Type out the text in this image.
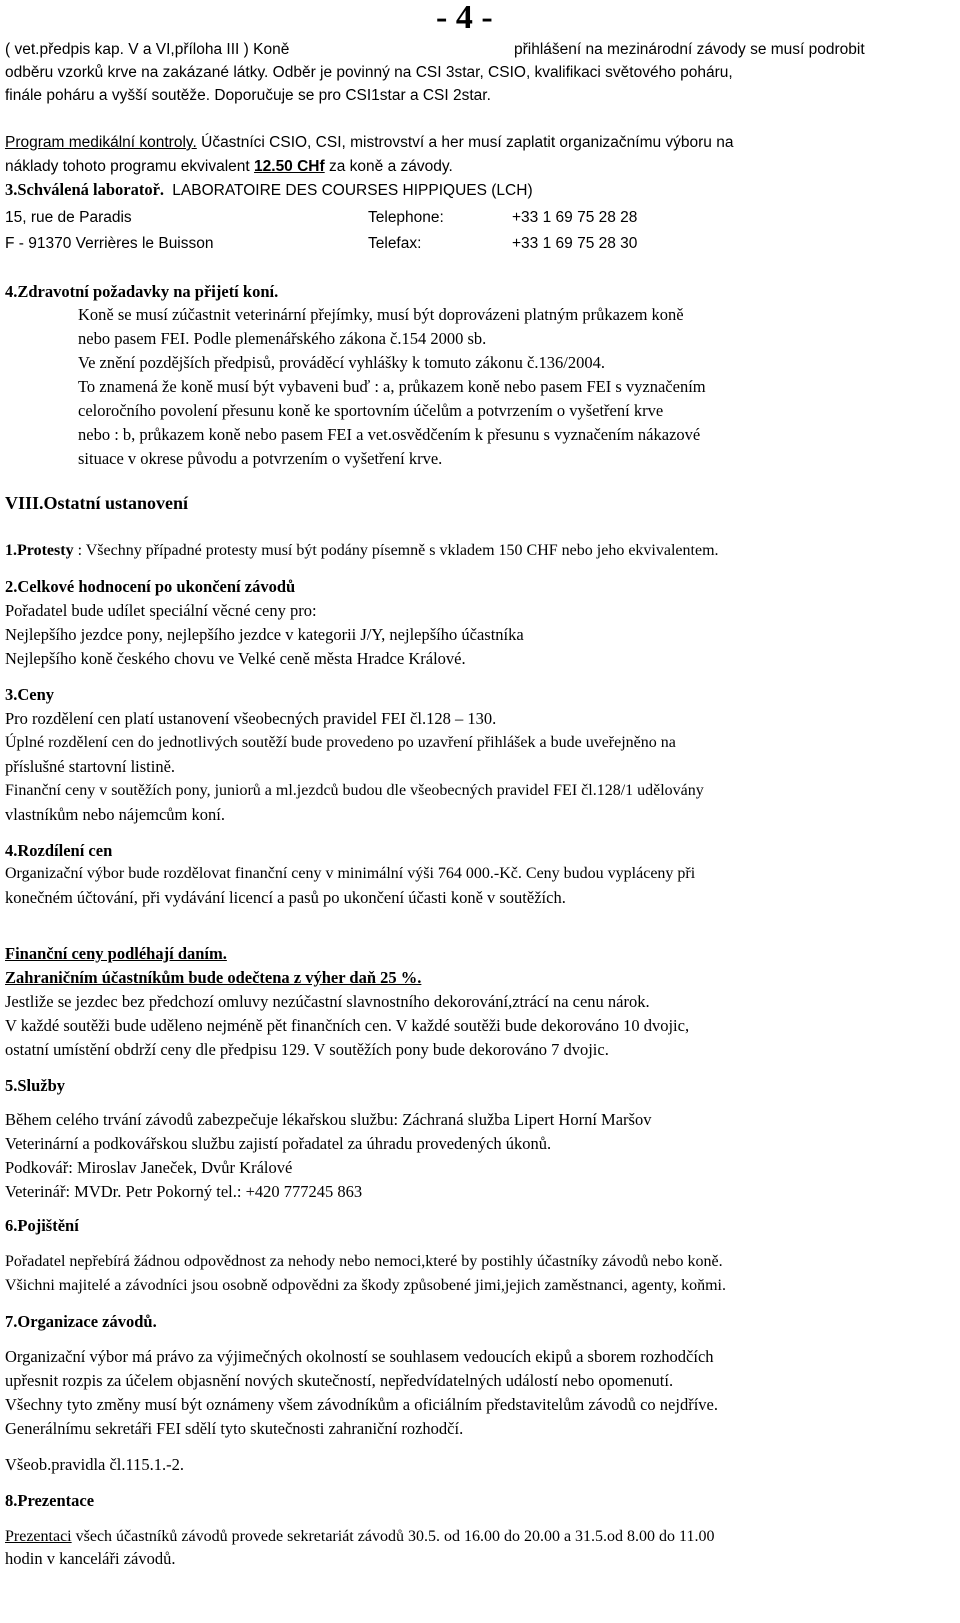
- 4 -
( vet.předpis kap. V a VI,příloha III ) Koně	přihlášení na mezinárodní závody se musí podrobit
odběru vzorků krve na zakázané látky. Odběr je povinný na CSI 3star, CSIO, kvalifikaci světového poháru,
finále poháru a vyšší soutěže. Doporučuje se pro CSI1star a CSI 2star.
Program medikální kontroly. Účastníci CSIO, CSI, mistrovství a her musí zaplatit organizačnímu výboru na
náklady tohoto programu ekvivalent 12.50 CHf za koně a závody.
3.Schválená laboratoř. LABORATOIRE DES COURSES HIPPIQUES (LCH)
15, rue de Paradis	Telephone:	+33 1 69 75 28 28
F - 91370 Verrières le Buisson	Telefax:	+33 1 69 75 28 30
4.Zdravotní požadavky na přijetí koní.
Koně se musí zúčastnit veterinární přejímky, musí být doprovázeni platným průkazem koně
nebo pasem FEI. Podle plemenářského zákona č.154 2000 sb.
Ve znění pozdějších předpisů, prováděcí vyhlášky k tomuto zákonu č.136/2004.
To znamená že koně musí být vybaveni buď : a, průkazem koně nebo pasem FEI s vyznačením
celoročního povolení přesunu koně ke sportovním účelům a potvrzením o vyšetření krve
nebo : b, průkazem koně nebo pasem FEI a vet.osvědčením k přesunu s vyznačením nákazové
situace v okrese původu a potvrzením o vyšetření krve.
VIII.Ostatní ustanovení
1.Protesty : Všechny případné protesty musí být podány písemně s vkladem 150 CHF nebo jeho ekvivalentem.
2.Celkové hodnocení po ukončení závodů
Pořadatel bude udílet speciální věcné ceny pro:
Nejlepšího jezdce pony, nejlepšího jezdce v kategorii J/Y, nejlepšího účastníka
Nejlepšího koně českého chovu ve Velké ceně města Hradce Králové.
3.Ceny
Pro rozdělení cen platí ustanovení všeobecných pravidel FEI čl.128 – 130.
Úplné rozdělení cen do jednotlivých soutěží bude provedeno po uzavření přihlášek a bude uveřejněno na
příslušné startovní listině.
Finanční ceny v soutěžích pony, juniorů a ml.jezdců budou dle všeobecných pravidel FEI čl.128/1 udělovány
vlastníkům nebo nájemcům koní.
4.Rozdílení cen
Organizační výbor bude rozdělovat finanční ceny v minimální výši 764 000.-Kč. Ceny budou vypláceny při
konečném účtování, při vydávání licencí a pasů po ukončení účasti koně v soutěžích.
Finanční ceny podléhají daním.
Zahraničním účastníkům bude odečtena z výher daň 25 %.
Jestliže se jezdec bez předchozí omluvy nezúčastní slavnostního dekorování,ztrácí na cenu nárok.
V každé soutěži bude uděleno nejméně pět finančních cen. V každé soutěži bude dekorováno 10 dvojic,
ostatní umístění obdrží ceny dle předpisu 129. V soutěžích pony bude dekorováno 7 dvojic.
5.Služby
Během celého trvání závodů zabezpečuje lékařskou službu: Záchraná služba Lipert Horní Maršov
Veterinární a podkovářskou službu zajistí pořadatel za úhradu provedených úkonů.
Podkovář: Miroslav Janeček, Dvůr Králové
Veterinář: MVDr. Petr Pokorný tel.: +420 777245 863
6.Pojištění
Pořadatel nepřebírá žádnou odpovědnost za nehody nebo nemoci,které by postihly účastníky závodů nebo koně.
Všichni majitelé a závodníci jsou osobně odpovědni za škody způsobené jimi,jejich zaměstnanci, agenty, koňmi.
7.Organizace závodů.
Organizační výbor má právo za výjimečných okolností se souhlasem vedoucích ekipů a sborem rozhodčích
upřesnit rozpis za účelem objasnění nových skutečností, nepředvídatelných událostí nebo opomenutí.
Všechny tyto změny musí být oznámeny všem závodníkům a oficiálním představitelům závodů co nejdříve.
Generálnímu sekretáři FEI sdělí tyto skutečnosti zahraniční rozhodčí.
Všeob.pravidla čl.115.1.-2.
8.Prezentace
Prezentaci všech účastníků závodů provede sekretariát závodů 30.5. od 16.00 do 20.00 a 31.5.od 8.00 do 11.00
hodin v kanceláři závodů.
